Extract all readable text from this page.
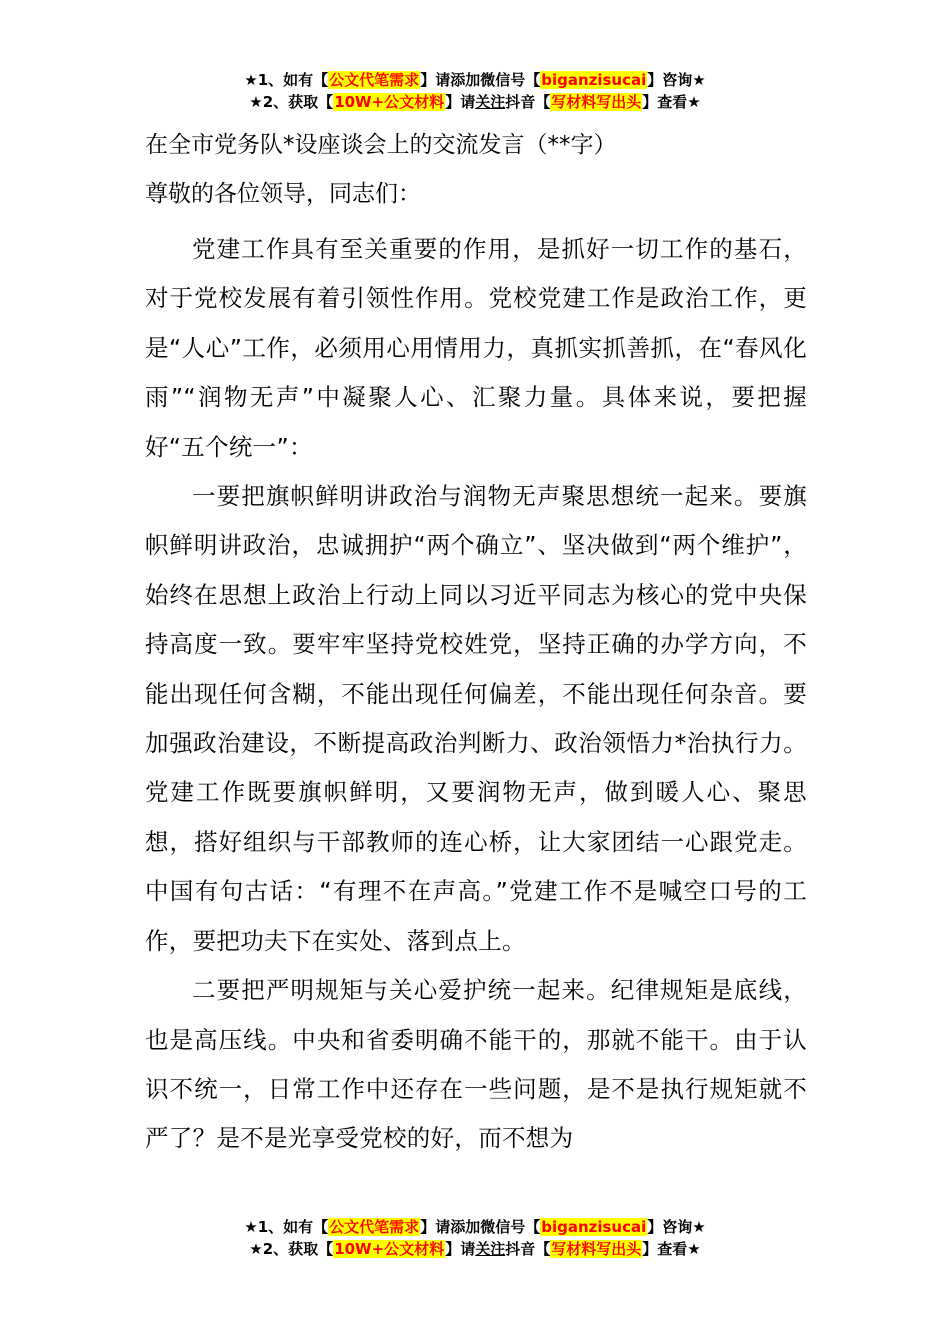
★1、如有【公文代笔需求】请添加微信号【biganzisucai】咨询★
★2、获取【10W+公文材料】请关注抖音【写材料写出头】查看★
在全市党务队*设座谈会上的交流发言（**字）
尊敬的各位领导，同志们：

党建工作具有至关重要的作用，是抓好一切工作的基石，对于党校发展有着引领性作用。党校党建工作是政治工作，更是“人心”工作，必须用心用情用力，真抓实抓善抓，在“春风化雨”“润物无声”中凝聚人心、汇聚力量。具体来说，要把握好“五个统一”：

一要把旗帜鲜明讲政治与润物无声聚思想统一起来。要旗帜鲜明讲政治，忠诚拥护“两个确立”、坚决做到“两个维护”，始终在思想上政治上行动上同以习近平同志为核心的党中央保持高度一致。要牢牢坚持党校姓党，坚持正确的办学方向，不能出现任何含糊，不能出现任何偏差，不能出现任何杂音。要加强政治建设，不断提高政治判断力、政治领悟力*治执行力。党建工作既要旗帜鲜明，又要润物无声，做到暖人心、聚思想，搭好组织与干部教师的连心桥，让大家团结一心跟党走。中国有句古话：“有理不在声高。”党建工作不是喊空口号的工作，要把功夫下在实处、落到点上。

二要把严明规矩与关心爱护统一起来。纪律规矩是底线，也是高压线。中央和省委明确不能干的，那就不能干。由于认识不统一，日常工作中还存在一些问题，是不是执行规矩就不严了？是不是光享受党校的好，而不想为

★1、如有【公文代笔需求】请添加微信号【biganzisucai】咨询★
★2、获取【10W+公文材料】请关注抖音【写材料写出头】查看★
